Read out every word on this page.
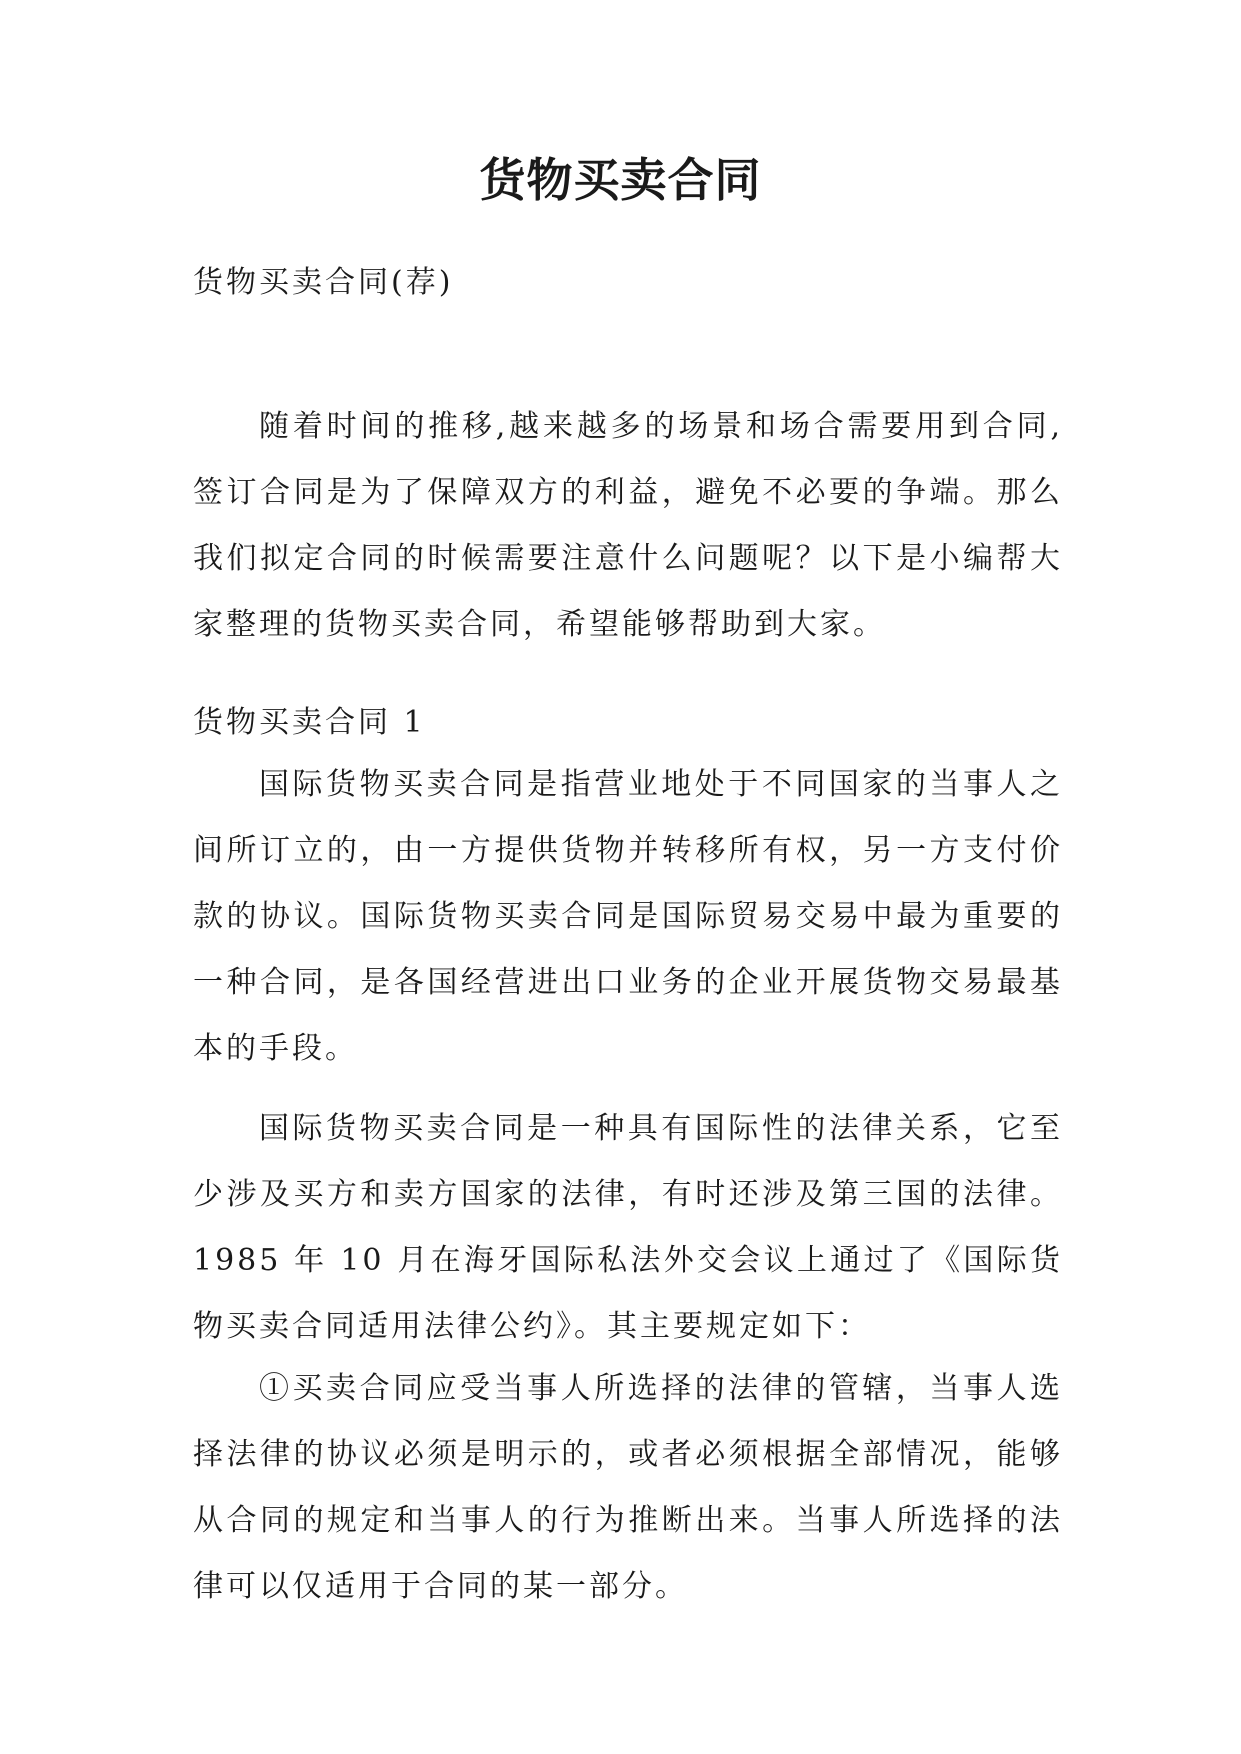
货物买卖合同

货物买卖合同(荐)

随着时间的推移,越来越多的场景和场合需要用到合同,签订合同是为了保障双方的利益，避免不必要的争端。那么我们拟定合同的时候需要注意什么问题呢？以下是小编帮大家整理的货物买卖合同，希望能够帮助到大家。

货物买卖合同 1

国际货物买卖合同是指营业地处于不同国家的当事人之间所订立的，由一方提供货物并转移所有权，另一方支付价款的协议。国际货物买卖合同是国际贸易交易中最为重要的一种合同，是各国经营进出口业务的企业开展货物交易最基本的手段。

国际货物买卖合同是一种具有国际性的法律关系，它至少涉及买方和卖方国家的法律，有时还涉及第三国的法律。1985 年 10 月在海牙国际私法外交会议上通过了《国际货物买卖合同适用法律公约》。其主要规定如下：

①买卖合同应受当事人所选择的法律的管辖，当事人选择法律的协议必须是明示的，或者必须根据全部情况，能够从合同的规定和当事人的行为推断出来。当事人所选择的法律可以仅适用于合同的某一部分。
